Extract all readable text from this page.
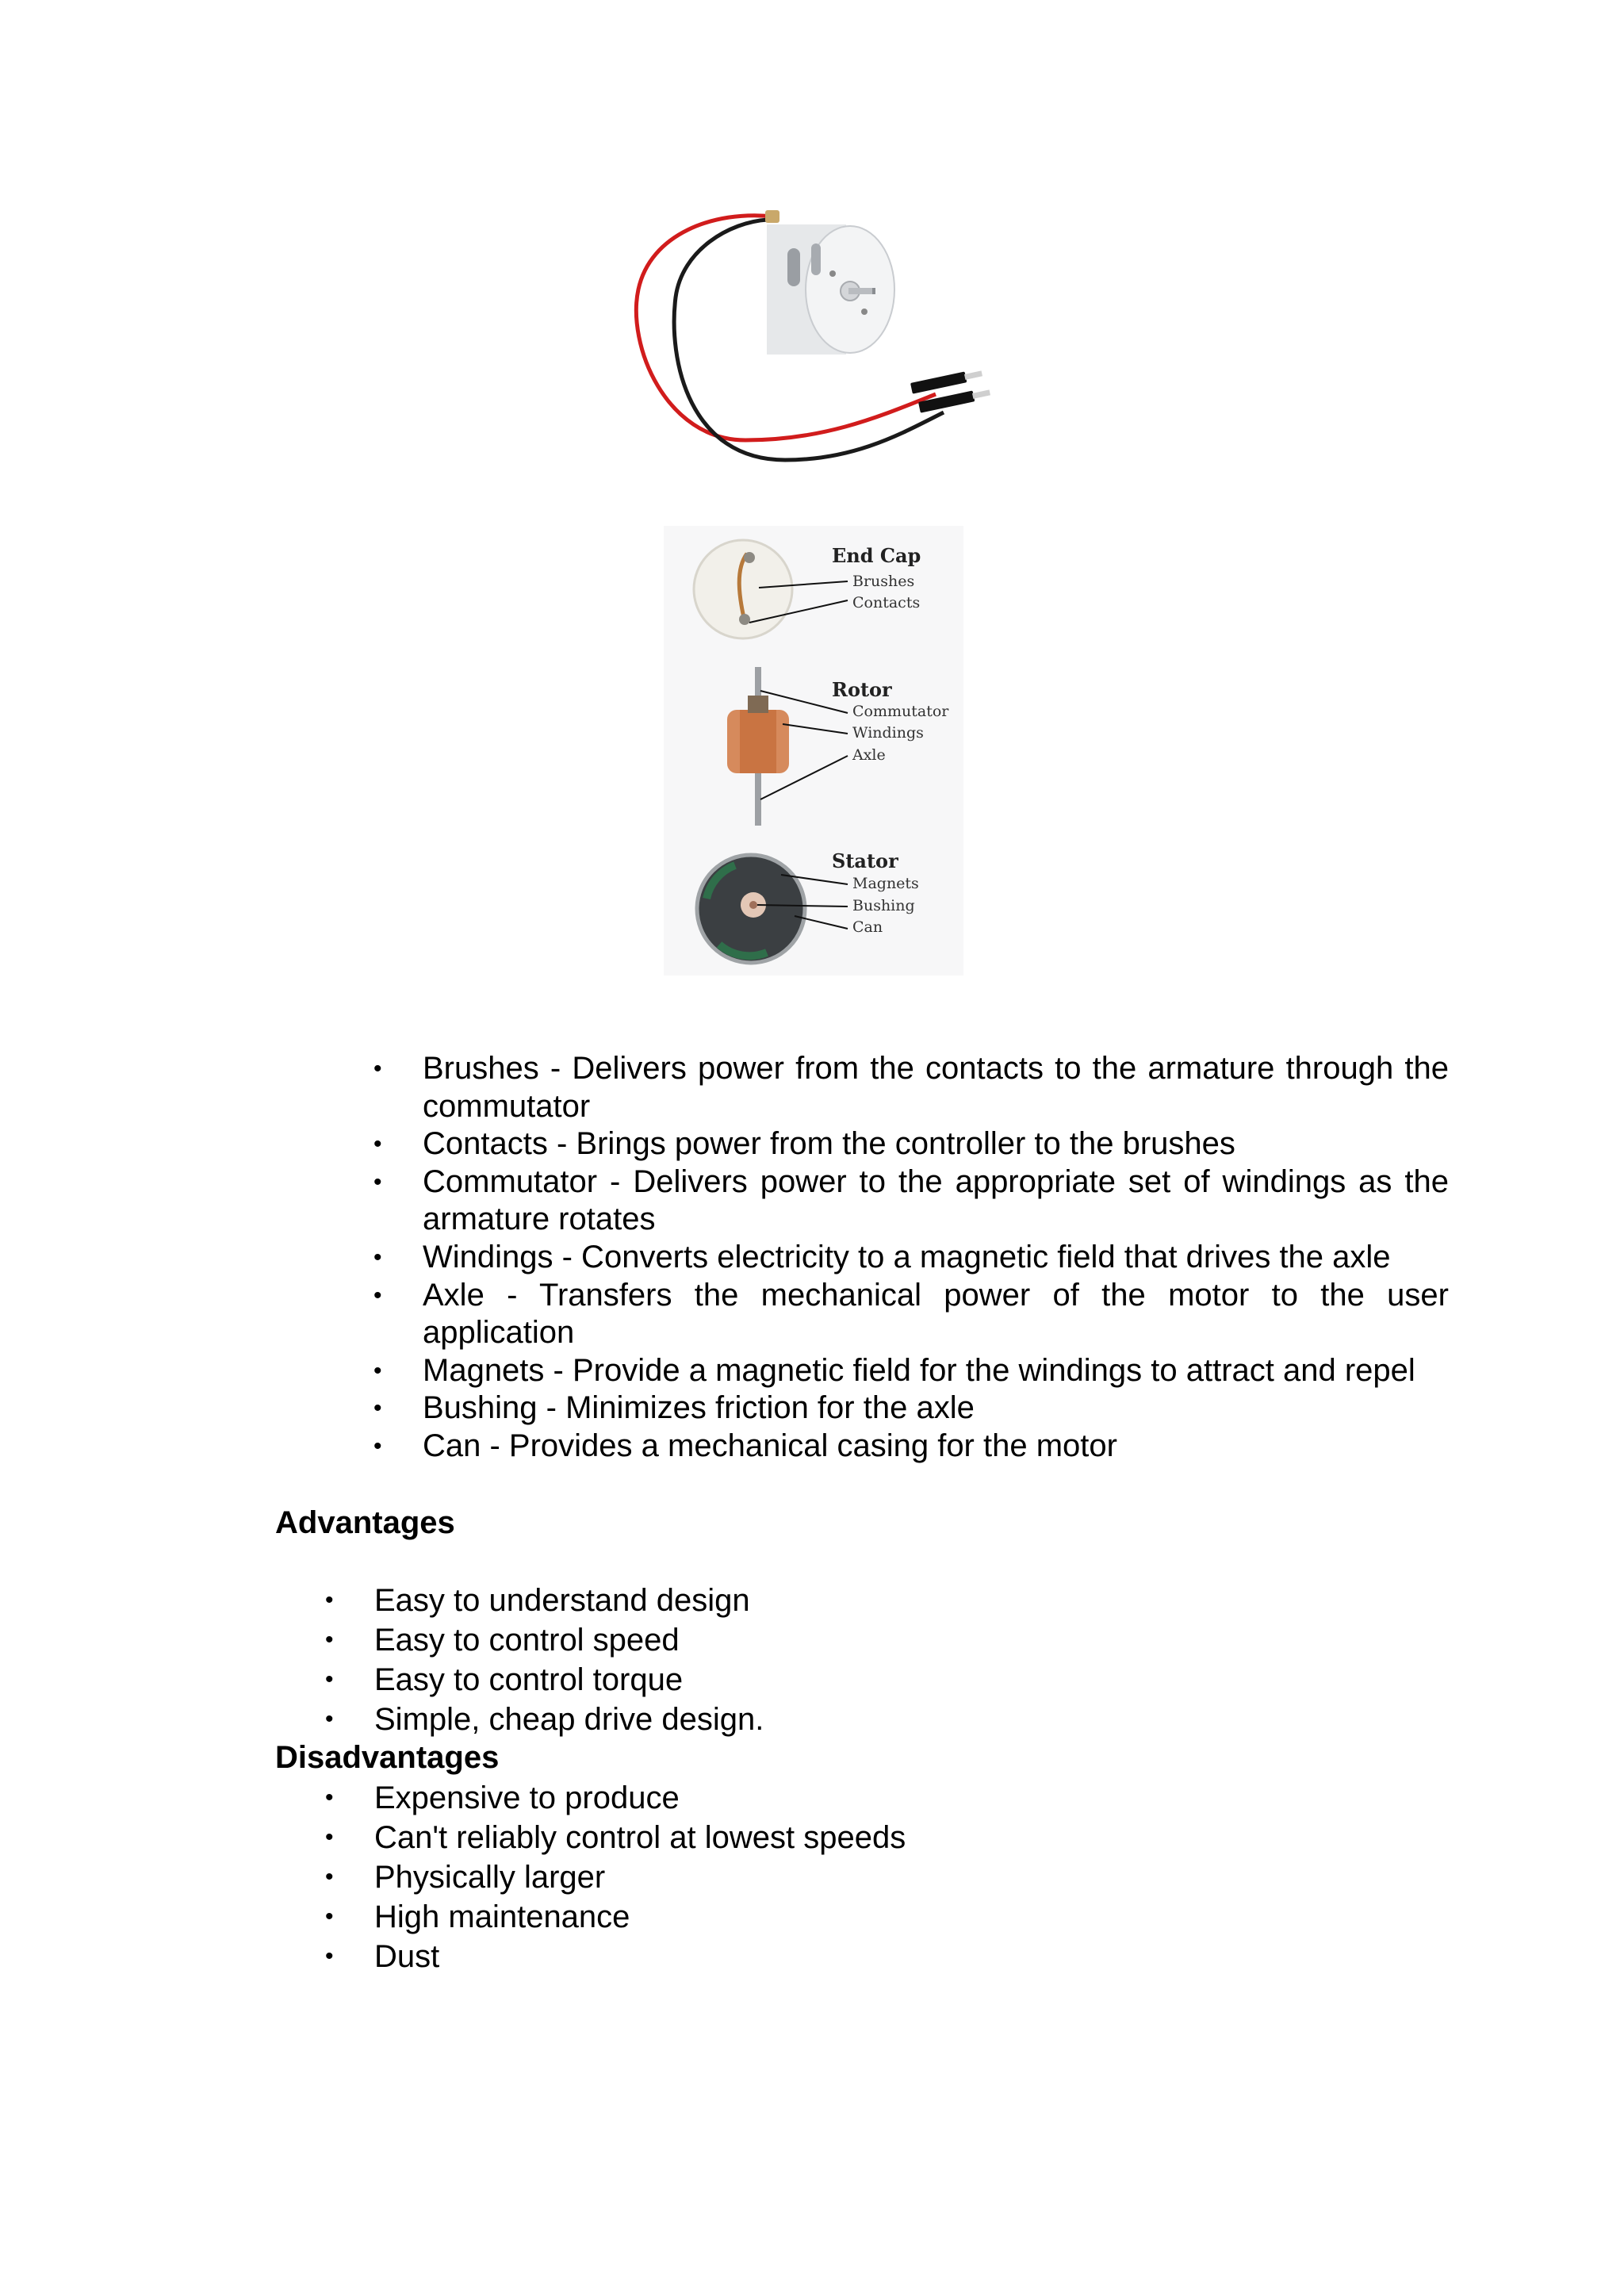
End Cap
Brushes
Contacts
Rotor
Commutator
Windings
Axle
Stator
Magnets
Bushing
Can
• Brushes - Delivers power from the contacts to the armature through the commutator
• Contacts - Brings power from the controller to the brushes
• Commutator - Delivers power to the appropriate set of windings as the armature rotates
• Windings - Converts electricity to a magnetic field that drives the axle
• Axle - Transfers the mechanical power of the motor to the user application
• Magnets - Provide a magnetic field for the windings to attract and repel
• Bushing - Minimizes friction for the axle
• Can - Provides a mechanical casing for the motor
Advantages
• Easy to understand design
• Easy to control speed
• Easy to control torque
• Simple, cheap drive design.
Disadvantages
• Expensive to produce
• Can't reliably control at lowest speeds
• Physically larger
• High maintenance
• Dust
